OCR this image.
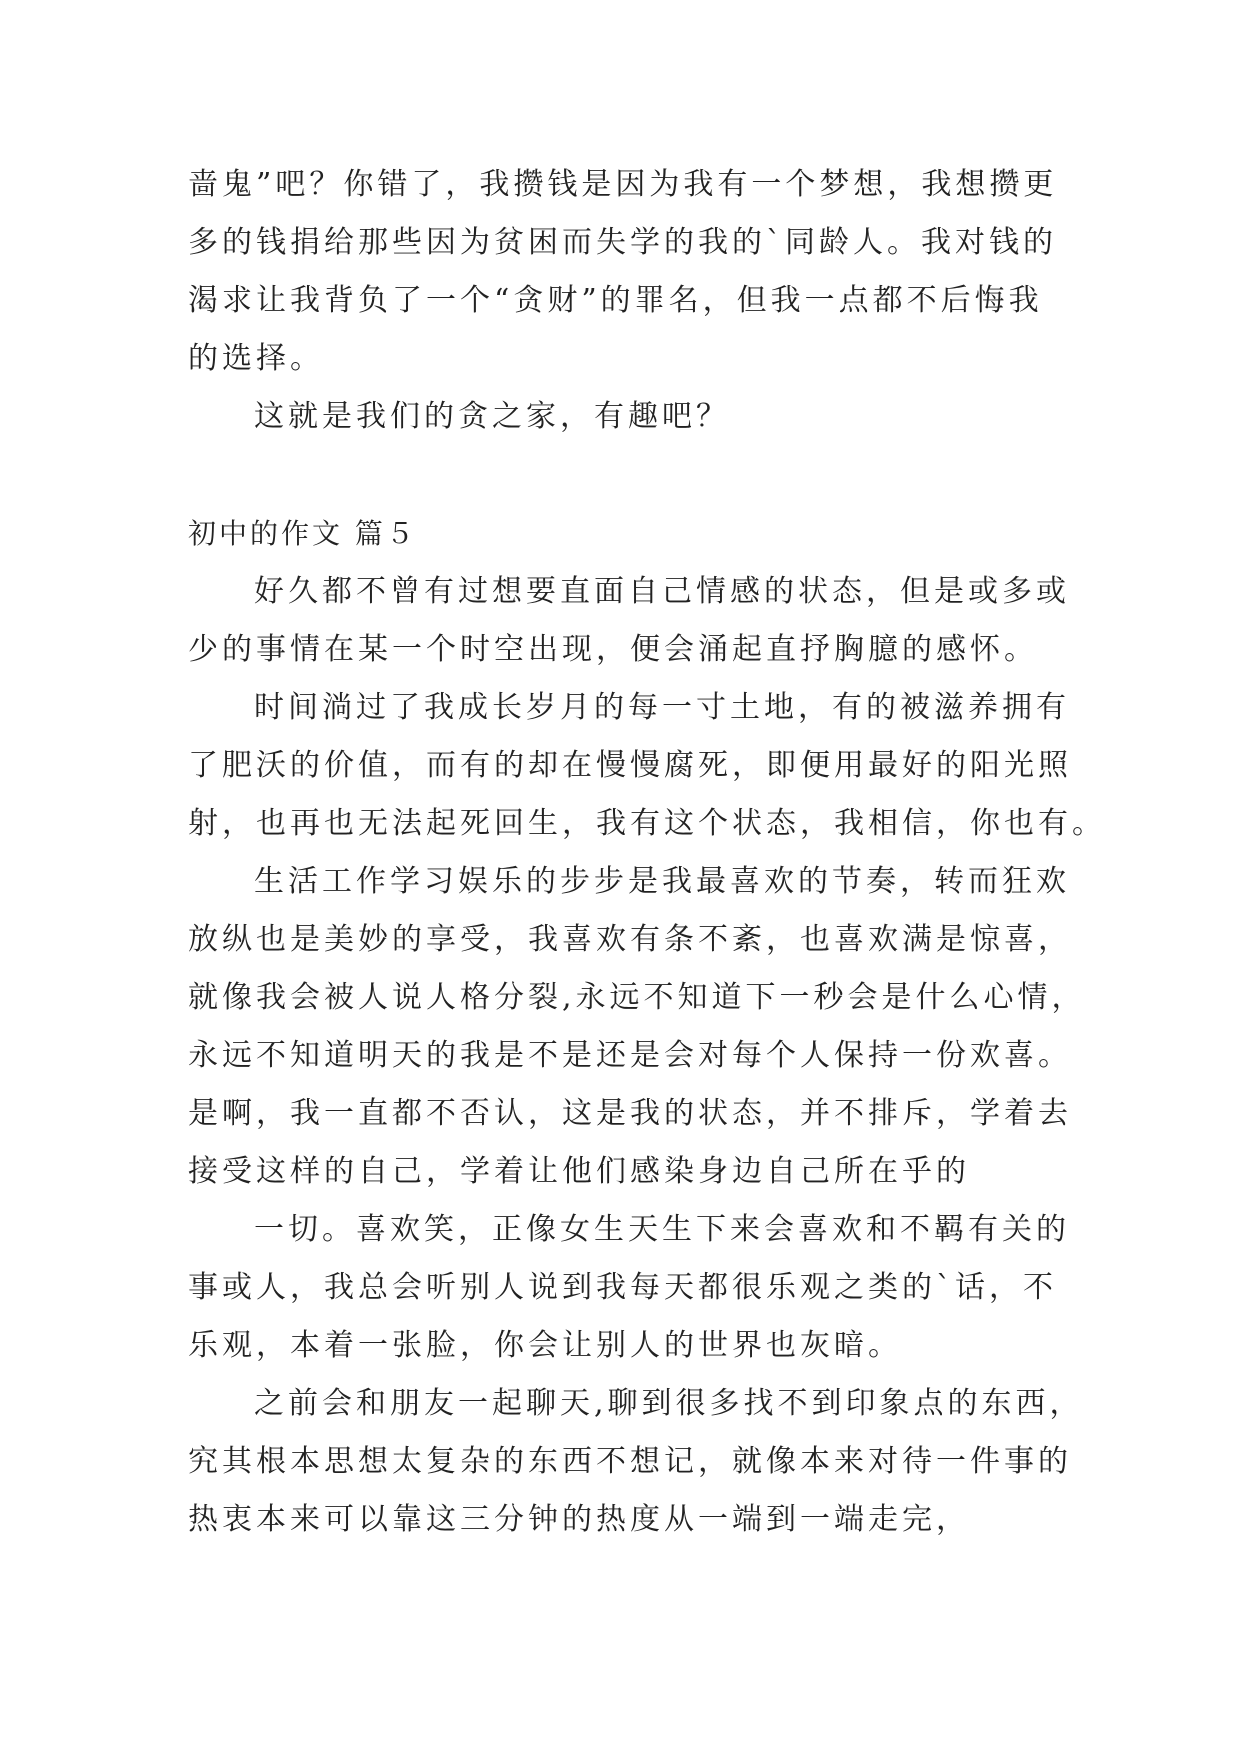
啬鬼”吧？你错了，我攒钱是因为我有一个梦想，我想攒更
多的钱捐给那些因为贫困而失学的我的`同龄人。我对钱的
渴求让我背负了一个“贪财”的罪名，但我一点都不后悔我
的选择。
这就是我们的贪之家，有趣吧？
初中的作文 篇５
好久都不曾有过想要直面自己情感的状态，但是或多或
少的事情在某一个时空出现，便会涌起直抒胸臆的感怀。
时间淌过了我成长岁月的每一寸土地，有的被滋养拥有
了肥沃的价值，而有的却在慢慢腐死，即便用最好的阳光照
射，也再也无法起死回生，我有这个状态，我相信，你也有。
生活工作学习娱乐的步步是我最喜欢的节奏，转而狂欢
放纵也是美妙的享受，我喜欢有条不紊，也喜欢满是惊喜，
就像我会被人说人格分裂,永远不知道下一秒会是什么心情，
永远不知道明天的我是不是还是会对每个人保持一份欢喜。
是啊，我一直都不否认，这是我的状态，并不排斥，学着去
接受这样的自己，学着让他们感染身边自己所在乎的
一切。喜欢笑，正像女生天生下来会喜欢和不羁有关的
事或人，我总会听别人说到我每天都很乐观之类的`话，不
乐观，本着一张脸，你会让别人的世界也灰暗。
之前会和朋友一起聊天,聊到很多找不到印象点的东西，
究其根本思想太复杂的东西不想记，就像本来对待一件事的
热衷本来可以靠这三分钟的热度从一端到一端走完，
